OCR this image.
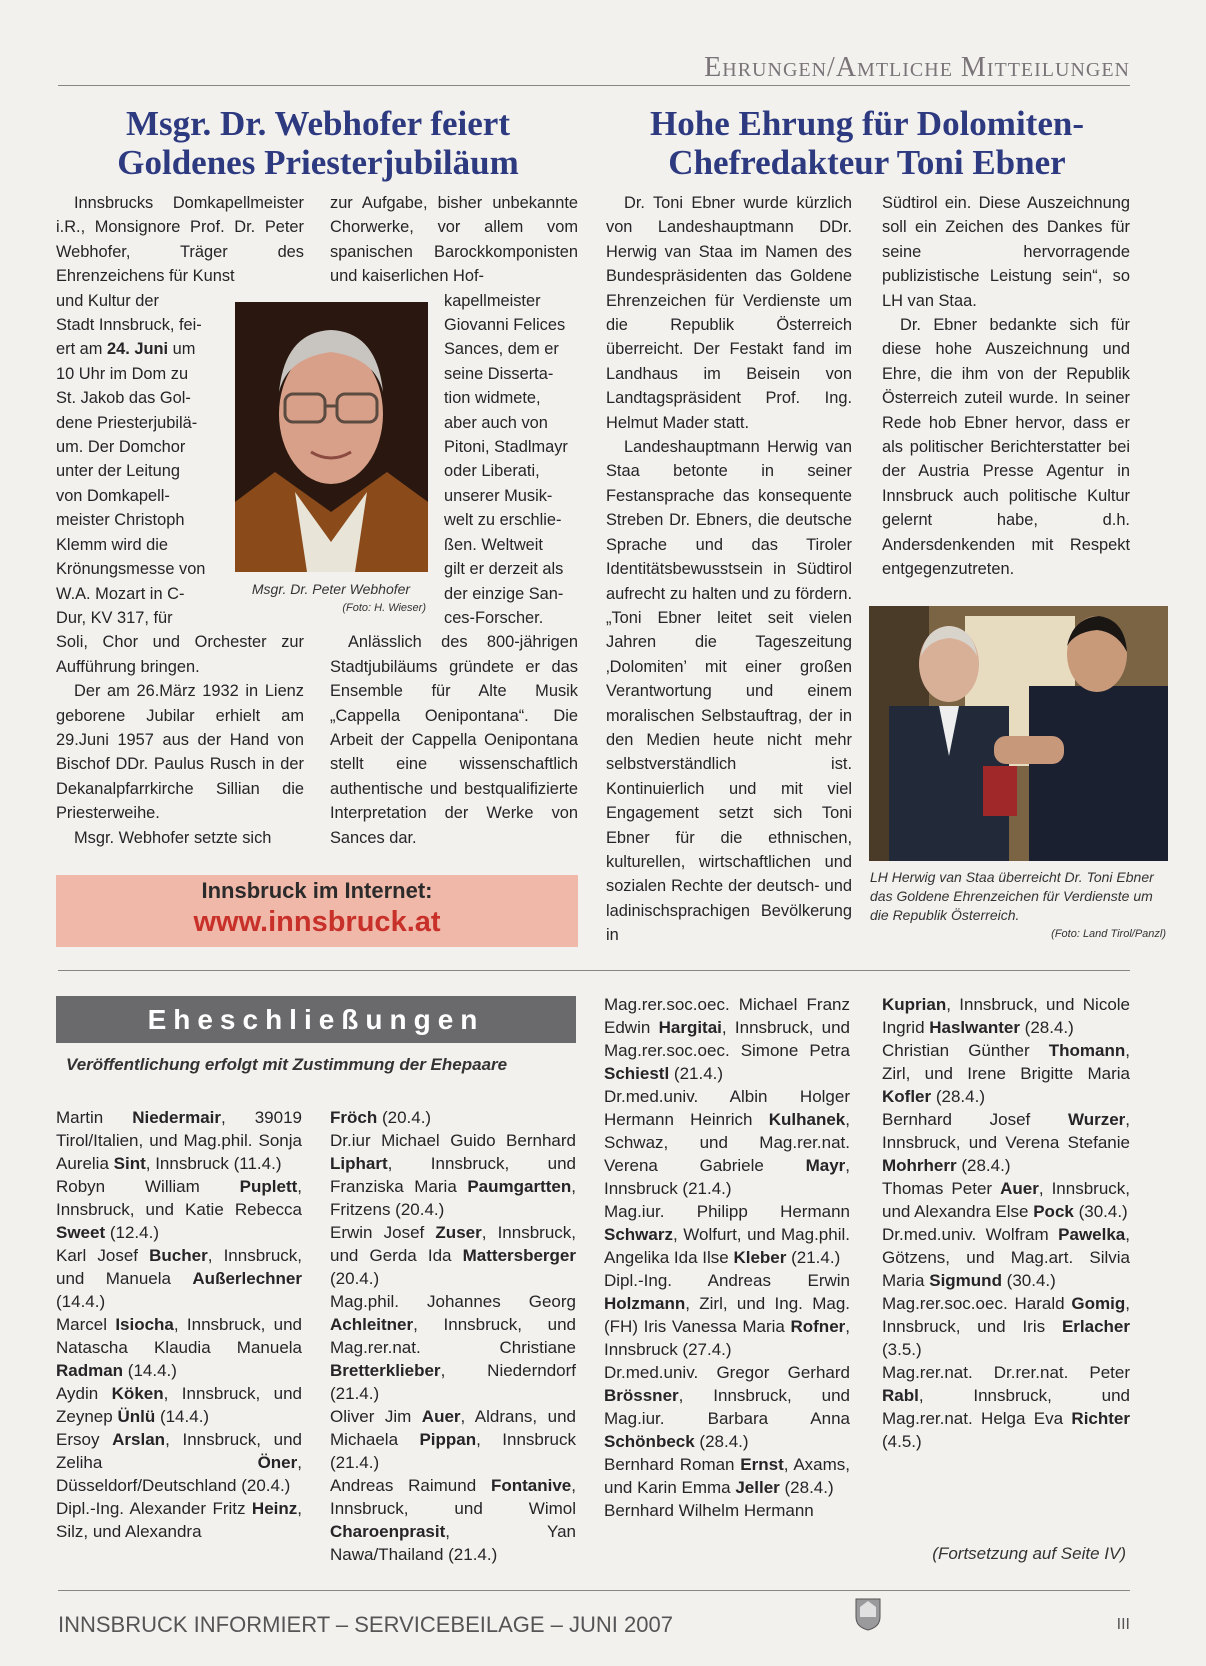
Ehrungen/Amtliche Mitteilungen
Msgr. Dr. Webhofer feiert
Goldenes Priesterjubiläum

Innsbrucks Domkapellmeister i.R., Monsignore Prof. Dr. Peter Webhofer, Träger des Ehrenzeichens für Kunst

und Kultur der
Stadt Innsbruck, fei-
ert am 24. Juni um
10 Uhr im Dom zu
St. Jakob das Gol-
dene Priesterjubilä-
um. Der Domchor
unter der Leitung
von Domkapell-
meister Christoph
Klemm wird die
Krönungsmesse von
W.A. Mozart in C-
Dur, KV 317, für

Soli, Chor und Orchester zur Aufführung bringen.

Der am 26.März 1932 in Lienz geborene Jubilar erhielt am 29.Juni 1957 aus der Hand von Bischof DDr. Paulus Rusch in der Dekanalpfarrkirche Sillian die Priesterweihe.

Msgr. Webhofer setzte sich

zur Aufgabe, bisher unbekannte Chorwerke, vor allem vom spanischen Barockkomponisten und kaiserlichen Hof-

kapellmeister
Giovanni Felices
Sances, dem er
seine Disserta-
tion widmete,
aber auch von
Pitoni, Stadlmayr
oder Liberati,
unserer Musik-
welt zu erschlie-
ßen. Weltweit
gilt er derzeit als
der einzige San-
ces-Forscher.

Anlässlich des 800-jährigen Stadtjubiläums gründete er das Ensemble für Alte Musik „Cappella Oenipontana“. Die Arbeit der Cappella Oenipontana stellt eine wissenschaftlich authentische und bestqualifizierte Interpretation der Werke von Sances dar.

Msgr. Dr. Peter Webhofer
(Foto: H. Wieser)
Innsbruck im Internet:
www.innsbruck.at
Hohe Ehrung für Dolomiten-
Chefredakteur Toni Ebner

Dr. Toni Ebner wurde kürzlich von Landeshauptmann DDr. Herwig van Staa im Namen des Bundespräsidenten das Goldene Ehrenzeichen für Verdienste um die Republik Österreich überreicht. Der Festakt fand im Landhaus im Beisein von Landtagspräsident Prof. Ing. Helmut Mader statt.

Landeshauptmann Herwig van Staa betonte in seiner Festansprache das konsequente Streben Dr. Ebners, die deutsche Sprache und das Tiroler Identitätsbewusstsein in Südtirol aufrecht zu halten und zu fördern. „Toni Ebner leitet seit vielen Jahren die Tageszeitung ‚Dolomiten’ mit einer großen Verantwortung und einem moralischen Selbstauftrag, der in den Medien heute nicht mehr selbstverständlich ist. Kontinuierlich und mit viel Engagement setzt sich Toni Ebner für die ethnischen, kulturellen, wirtschaftlichen und sozialen Rechte der deutsch- und ladinischsprachigen Bevölkerung in

Südtirol ein. Diese Auszeichnung soll ein Zeichen des Dankes für seine hervorragende publizistische Leistung sein“, so LH van Staa.

Dr. Ebner bedankte sich für diese hohe Auszeichnung und Ehre, die ihm von der Republik Österreich zuteil wurde. In seiner Rede hob Ebner hervor, dass er als politischer Berichterstatter bei der Austria Presse Agentur in Innsbruck auch politische Kultur gelernt habe, d.h. Andersdenkenden mit Respekt entgegenzutreten.

LH Herwig van Staa überreicht Dr. Toni Ebner das Goldene Ehrenzeichen für Verdienste um die Republik Österreich.
(Foto: Land Tirol/Panzl)
Eheschließungen
Veröffentlichung erfolgt mit Zustimmung der Ehepaare

Martin Niedermair, 39019 Tirol/Italien, und Mag.phil. Sonja Aurelia Sint, Innsbruck (11.4.)

Robyn William Puplett, Innsbruck, und Katie Rebecca Sweet (12.4.)

Karl Josef Bucher, Innsbruck, und Manuela Außerlechner (14.4.)

Marcel Isiocha, Innsbruck, und Natascha Klaudia Manuela Radman (14.4.)

Aydin Köken, Innsbruck, und Zeynep Ünlü (14.4.)

Ersoy Arslan, Innsbruck, und Zeliha Öner, Düsseldorf/Deutschland (20.4.)

Dipl.-Ing. Alexander Fritz Heinz, Silz, und Alexandra

Fröch (20.4.)

Dr.iur Michael Guido Bernhard Liphart, Innsbruck, und Franziska Maria Paumgartten, Fritzens (20.4.)

Erwin Josef Zuser, Innsbruck, und Gerda Ida Mattersberger (20.4.)

Mag.phil. Johannes Georg Achleitner, Innsbruck, und Mag.rer.nat. Christiane Bretterklieber, Niederndorf (21.4.)

Oliver Jim Auer, Aldrans, und Michaela Pippan, Innsbruck (21.4.)

Andreas Raimund Fontanive, Innsbruck, und Wimol Charoenprasit, Yan Nawa/Thailand (21.4.)

Mag.rer.soc.oec. Michael Franz Edwin Hargitai, Innsbruck, und Mag.rer.soc.oec. Simone Petra Schiestl (21.4.)

Dr.med.univ. Albin Holger Hermann Heinrich Kulhanek, Schwaz, und Mag.rer.nat. Verena Gabriele Mayr, Innsbruck (21.4.)

Mag.iur. Philipp Hermann Schwarz, Wolfurt, und Mag.phil. Angelika Ida Ilse Kleber (21.4.)

Dipl.-Ing. Andreas Erwin Holzmann, Zirl, und Ing. Mag. (FH) Iris Vanessa Maria Rofner, Innsbruck (27.4.)

Dr.med.univ. Gregor Gerhard Brössner, Innsbruck, und Mag.iur. Barbara Anna Schönbeck (28.4.)

Bernhard Roman Ernst, Axams, und Karin Emma Jeller (28.4.)

Bernhard Wilhelm Hermann

Kuprian, Innsbruck, und Nicole Ingrid Haslwanter (28.4.)

Christian Günther Thomann, Zirl, und Irene Brigitte Maria Kofler (28.4.)

Bernhard Josef Wurzer, Innsbruck, und Verena Stefanie Mohrherr (28.4.)

Thomas Peter Auer, Innsbruck, und Alexandra Else Pock (30.4.)

Dr.med.univ. Wolfram Pawelka, Götzens, und Mag.art. Silvia Maria Sigmund (30.4.)

Mag.rer.soc.oec. Harald Gomig, Innsbruck, und Iris Erlacher (3.5.)

Mag.rer.nat. Dr.rer.nat. Peter Rabl, Innsbruck, und Mag.rer.nat. Helga Eva Richter (4.5.)

(Fortsetzung auf Seite IV)
INNSBRUCK INFORMIERT – SERVICEBEILAGE – JUNI 2007	III
